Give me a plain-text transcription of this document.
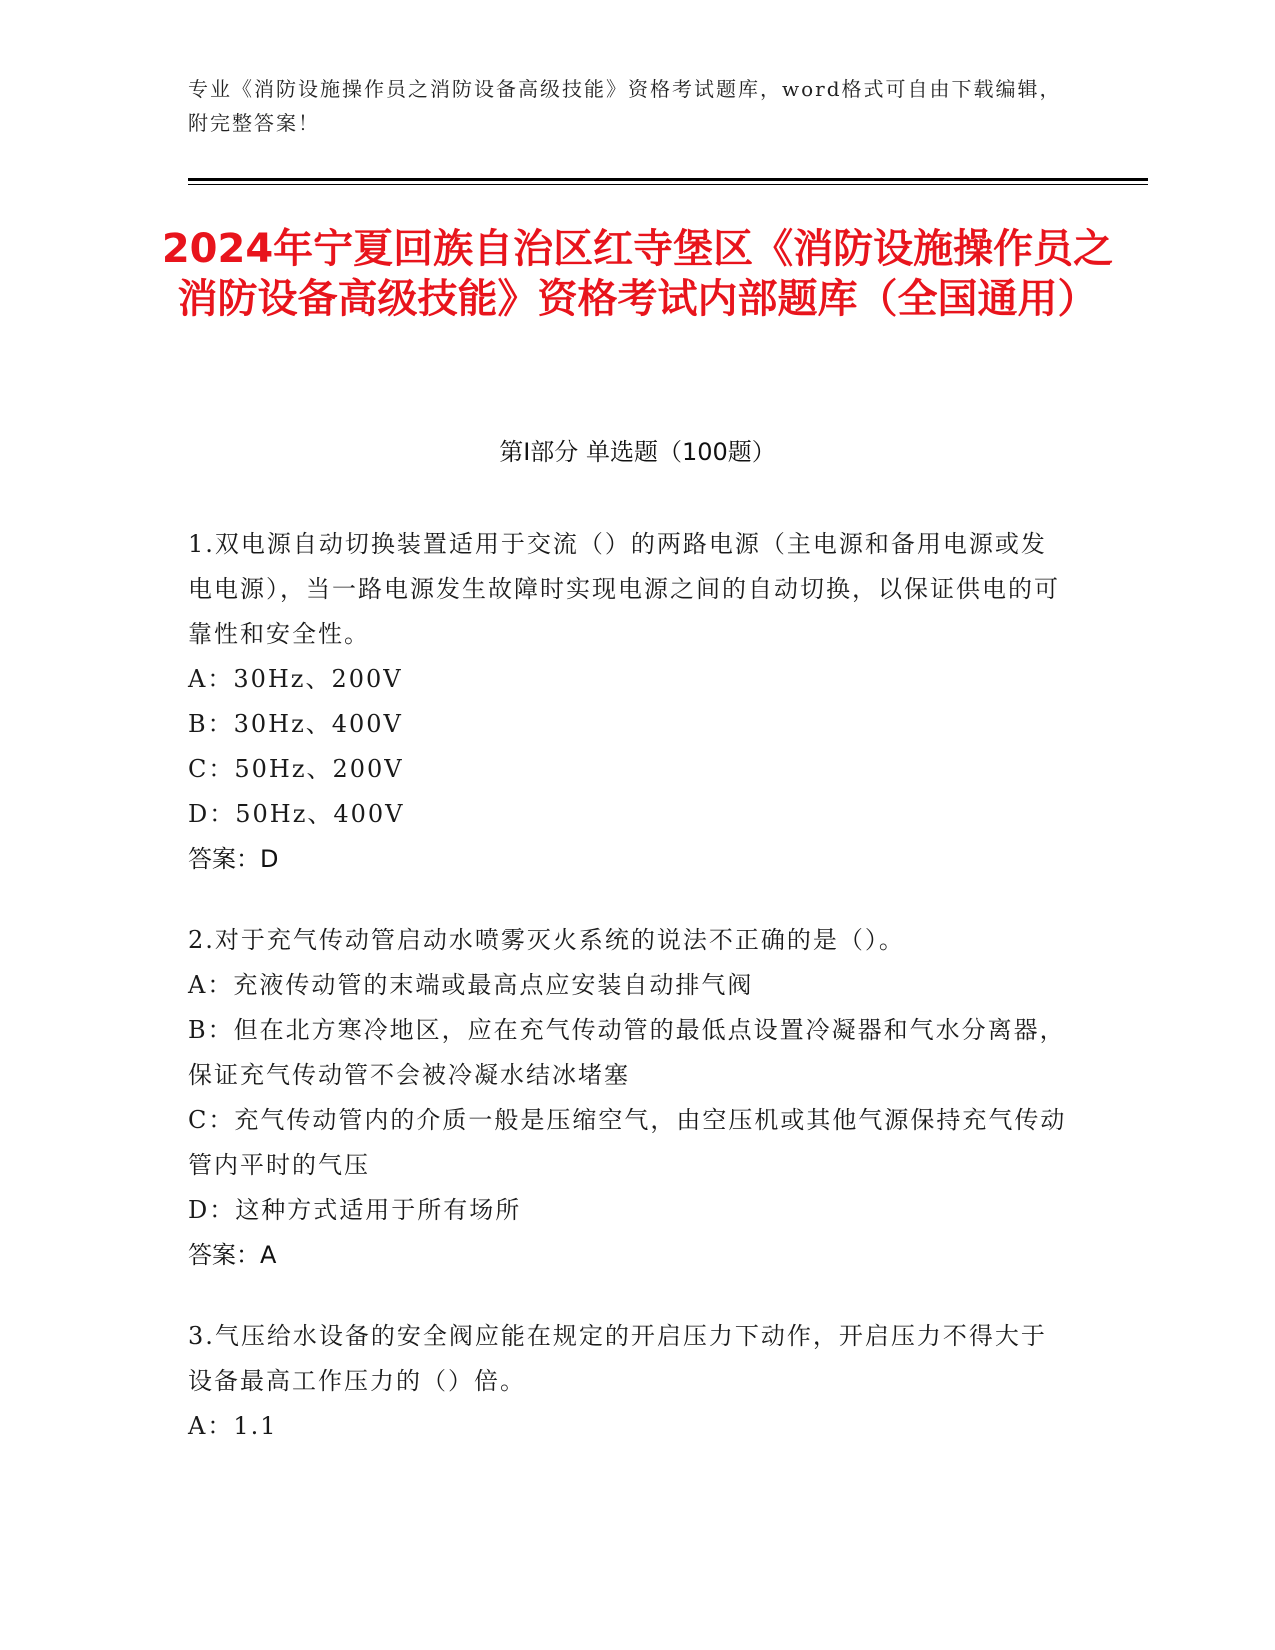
专业《消防设施操作员之消防设备高级技能》资格考试题库，word格式可自由下载编辑，附完整答案！
2024年宁夏回族自治区红寺堡区《消防设施操作员之消防设备高级技能》资格考试内部题库（全国通用）
第Ⅰ部分 单选题（100题）
1.双电源自动切换装置适用于交流（）的两路电源（主电源和备用电源或发电电源），当一路电源发生故障时实现电源之间的自动切换，以保证供电的可靠性和安全性。
A：30Hz、200V
B：30Hz、400V
C：50Hz、200V
D：50Hz、400V
答案：D
2.对于充气传动管启动水喷雾灭火系统的说法不正确的是（）。
A：充液传动管的末端或最高点应安装自动排气阀
B：但在北方寒冷地区，应在充气传动管的最低点设置冷凝器和气水分离器，保证充气传动管不会被冷凝水结冰堵塞
C：充气传动管内的介质一般是压缩空气，由空压机或其他气源保持充气传动管内平时的气压
D：这种方式适用于所有场所
答案：A
3.气压给水设备的安全阀应能在规定的开启压力下动作，开启压力不得大于设备最高工作压力的（）倍。
A：1.1
